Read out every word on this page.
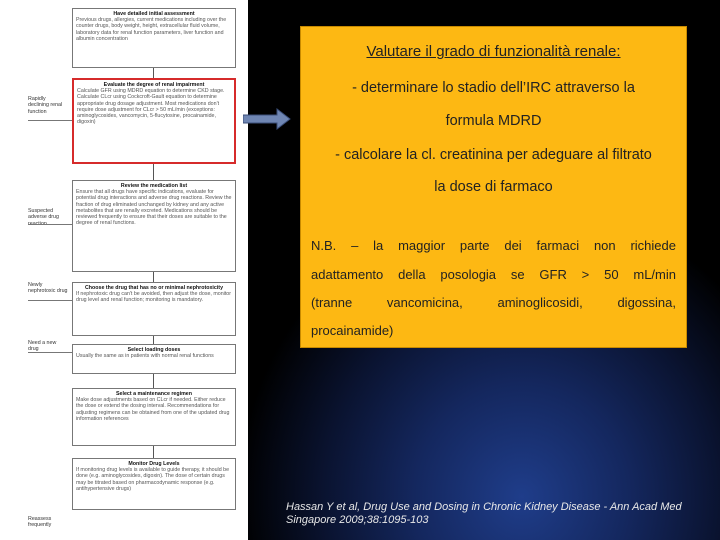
Have detailed initial assessment
Previous drugs, allergies, current medications including over the counter drugs, body weight, height, extracellular fluid volume, laboratory data for renal function parameters, liver function and albumin concentration
Evaluate the degree of renal impairment
Calculate GFR using MDRD equation to determine CKD stage. Calculate CLcr using Cockcroft-Gault equation to determine appropriate drug dosage adjustment. Most medications don't require dose adjustment for CLcr > 50 mL/min (exceptions: aminoglycosides, vancomycin, 5-flucytosine, procainamide, digoxin)
Review the medication list
Ensure that all drugs have specific indications, evaluate for potential drug interactions and adverse drug reactions. Review the fraction of drug eliminated unchanged by kidney and any active metabolites that are renally excreted. Medications should be reviewed frequently to ensure that their doses are suitable to the degree of renal functions.
Choose the drug that has no or minimal nephrotoxicity
If nephrotoxic drug can't be avoided, then adjust the dose, monitor drug level and renal function; monitoring is mandatory.
Select loading doses
Usually the same as in patients with normal renal functions
Select a maintenance regimen
Make dose adjustments based on CLcr if needed. Either reduce the dose or extend the dosing interval. Recommendations for adjusting regimens can be obtained from one of the updated drug information references
Monitor Drug Levels
If monitoring drug levels is available to guide therapy, it should be done (e.g. aminoglycosides, digoxin). The dose of certain drugs may be titrated based on pharmacodynamic response (e.g. antihypertensive drugs)
Rapidly declining renal function
Suspected adverse drug
Newly nephrotoxic drug
Need a new drug
Reassess frequently
Valutare il grado di funzionalità renale:
- determinare lo stadio dell’IRC attraverso la
formula MDRD
- calcolare la cl. creatinina per adeguare al filtrato
la dose di farmaco
N.B. – la maggior parte dei farmaci non richiede
adattamento della posologia se GFR > 50 mL/min
(tranne     vancomicina,     aminoglicosidi,     digossina,
procainamide)
Hassan Y et al, Drug Use and Dosing in Chronic Kidney Disease - Ann Acad Med
Singapore 2009;38:1095-103
